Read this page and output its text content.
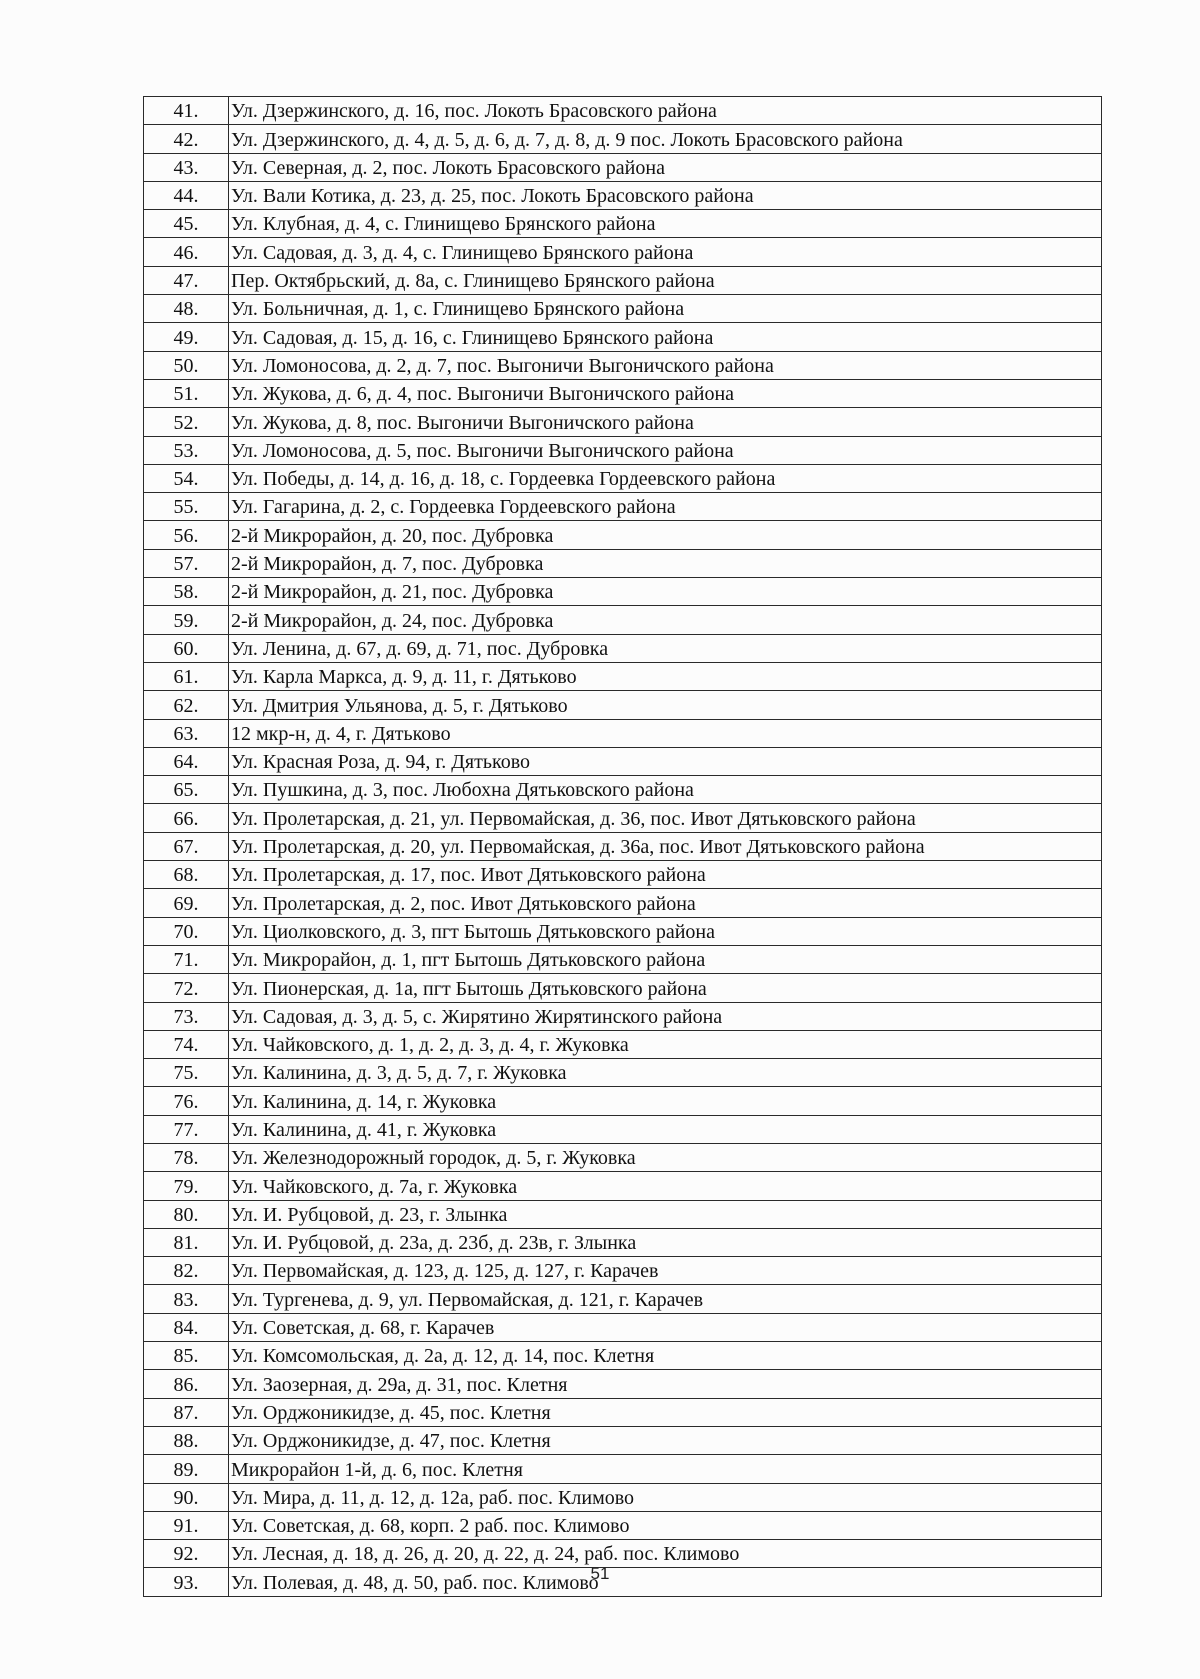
41.	Ул. Дзержинского, д. 16, пос. Локоть Брасовского района
42.	Ул. Дзержинского, д. 4, д. 5, д. 6, д. 7, д. 8, д. 9 пос. Локоть Брасовского района
43.	Ул. Северная, д. 2, пос. Локоть Брасовского района
44.	Ул. Вали Котика, д. 23, д. 25, пос. Локоть Брасовского района
45.	Ул. Клубная, д. 4, с. Глинищево Брянского района
46.	Ул. Садовая, д. 3, д. 4, с. Глинищево Брянского района
47.	Пер. Октябрьский, д. 8а, с. Глинищево Брянского района
48.	Ул. Больничная, д. 1, с. Глинищево Брянского района
49.	Ул. Садовая, д. 15, д. 16, с. Глинищево Брянского района
50.	Ул. Ломоносова, д. 2, д. 7, пос. Выгоничи Выгоничского района
51.	Ул. Жукова, д. 6, д. 4, пос. Выгоничи Выгоничского района
52.	Ул. Жукова, д. 8, пос. Выгоничи Выгоничского района
53.	Ул. Ломоносова, д. 5, пос. Выгоничи Выгоничского района
54.	Ул. Победы, д. 14, д. 16, д. 18, с. Гордеевка Гордеевского района
55.	Ул. Гагарина, д. 2, с. Гордеевка Гордеевского района
56.	2-й Микрорайон, д. 20, пос. Дубровка
57.	2-й Микрорайон, д. 7, пос. Дубровка
58.	2-й Микрорайон, д. 21, пос. Дубровка
59.	2-й Микрорайон, д. 24, пос. Дубровка
60.	Ул. Ленина, д. 67, д. 69, д. 71, пос. Дубровка
61.	Ул. Карла Маркса, д. 9, д. 11, г. Дятьково
62.	Ул. Дмитрия Ульянова, д. 5, г. Дятьково
63.	12 мкр-н, д. 4, г. Дятьково
64.	Ул. Красная Роза, д. 94, г. Дятьково
65.	Ул. Пушкина, д. 3, пос. Любохна Дятьковского района
66.	Ул. Пролетарская, д. 21, ул. Первомайская, д. 36, пос. Ивот Дятьковского района
67.	Ул. Пролетарская, д. 20, ул. Первомайская, д. 36а, пос. Ивот Дятьковского района
68.	Ул. Пролетарская, д. 17, пос. Ивот Дятьковского района
69.	Ул. Пролетарская, д. 2, пос. Ивот Дятьковского района
70.	Ул. Циолковского, д. 3, пгт Бытошь Дятьковского района
71.	Ул. Микрорайон, д. 1, пгт Бытошь Дятьковского района
72.	Ул. Пионерская, д. 1а, пгт Бытошь Дятьковского района
73.	Ул. Садовая, д. 3, д. 5, с. Жирятино Жирятинского района
74.	Ул. Чайковского, д. 1, д. 2, д. 3, д. 4, г. Жуковка
75.	Ул. Калинина, д. 3, д. 5, д. 7, г. Жуковка
76.	Ул. Калинина, д. 14, г. Жуковка
77.	Ул. Калинина, д. 41, г. Жуковка
78.	Ул. Железнодорожный городок, д. 5, г. Жуковка
79.	Ул. Чайковского, д. 7а, г. Жуковка
80.	Ул. И. Рубцовой, д. 23, г. Злынка
81.	Ул. И. Рубцовой, д. 23а, д. 23б, д. 23в, г. Злынка
82.	Ул. Первомайская, д. 123, д. 125, д. 127, г. Карачев
83.	Ул. Тургенева, д. 9, ул. Первомайская, д. 121, г. Карачев
84.	Ул. Советская, д. 68, г. Карачев
85.	Ул. Комсомольская, д. 2а, д. 12, д. 14, пос. Клетня
86.	Ул. Заозерная, д. 29а, д. 31, пос. Клетня
87.	Ул. Орджоникидзе, д. 45, пос. Клетня
88.	Ул. Орджоникидзе, д. 47, пос. Клетня
89.	Микрорайон 1-й, д. 6, пос. Клетня
90.	Ул. Мира, д. 11, д. 12, д. 12а, раб. пос. Климово
91.	Ул. Советская, д. 68, корп. 2 раб. пос. Климово
92.	Ул. Лесная, д. 18, д. 26, д. 20, д. 22, д. 24, раб. пос. Климово
93.	Ул. Полевая, д. 48, д. 50, раб. пос. Климово
51
